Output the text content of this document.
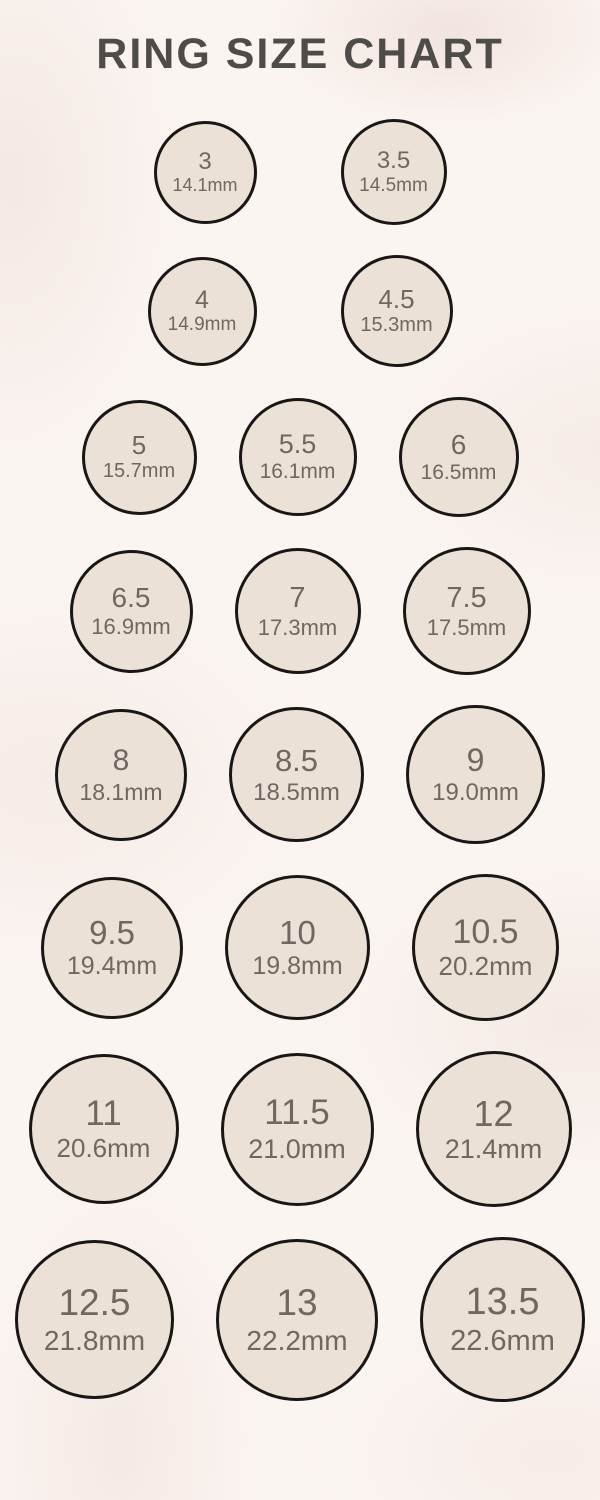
RING SIZE CHART
3
14.1mm
3.5
14.5mm
4
14.9mm
4.5
15.3mm
5
15.7mm
5.5
16.1mm
6
16.5mm
6.5
16.9mm
7
17.3mm
7.5
17.5mm
8
18.1mm
8.5
18.5mm
9
19.0mm
9.5
19.4mm
10
19.8mm
10.5
20.2mm
11
20.6mm
11.5
21.0mm
12
21.4mm
12.5
21.8mm
13
22.2mm
13.5
22.6mm
